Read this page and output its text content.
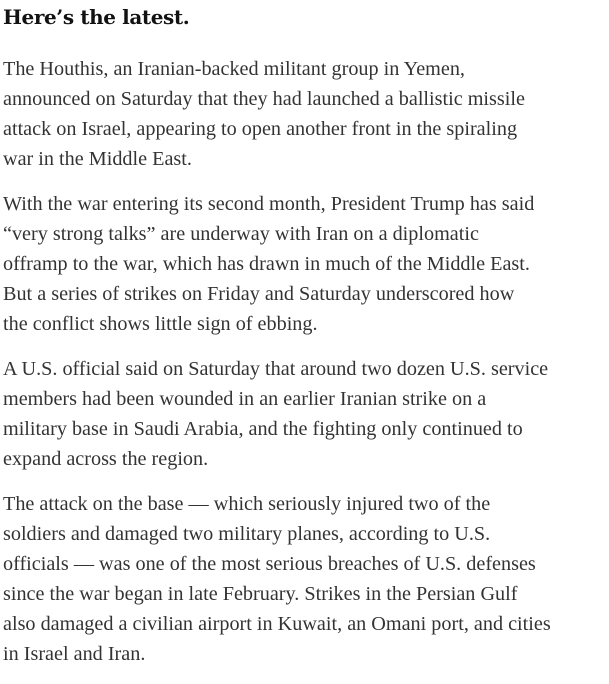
Here’s the latest.

The Houthis, an Iranian-backed militant group in Yemen,
announced on Saturday that they had launched a ballistic missile
attack on Israel, appearing to open another front in the spiraling
war in the Middle East.

With the war entering its second month, President Trump has said
“very strong talks” are underway with Iran on a diplomatic
offramp to the war, which has drawn in much of the Middle East.
But a series of strikes on Friday and Saturday underscored how
the conflict shows little sign of ebbing.

A U.S. official said on Saturday that around two dozen U.S. service
members had been wounded in an earlier Iranian strike on a
military base in Saudi Arabia, and the fighting only continued to
expand across the region.

The attack on the base — which seriously injured two of the
soldiers and damaged two military planes, according to U.S.
officials — was one of the most serious breaches of U.S. defenses
since the war began in late February. Strikes in the Persian Gulf
also damaged a civilian airport in Kuwait, an Omani port, and cities
in Israel and Iran.
